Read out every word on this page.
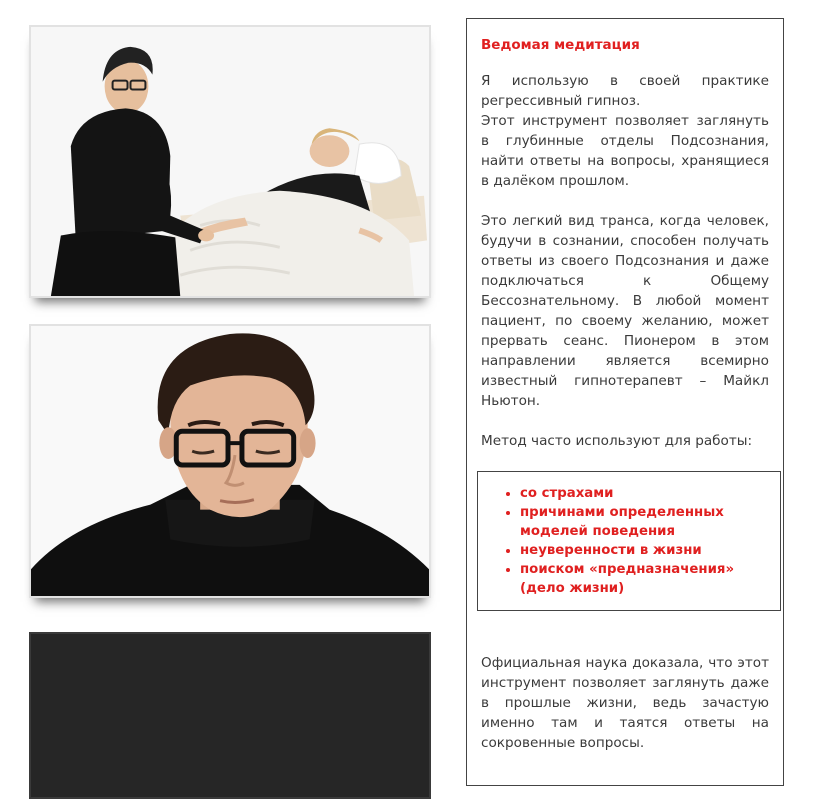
Ведомая медитация

Я использую в своей практике регрессивный гипноз.
Этот инструмент позволяет заглянуть в глубинные отделы Подсознания, найти ответы на вопросы, хранящиеся в далёком прошлом.

Это легкий вид транса, когда человек, будучи в сознании, способен получать ответы из своего Подсознания и даже подключаться к Общему Бессознательному. В любой момент пациент, по своему желанию, может прервать сеанс. Пионером в этом направлении является всемирно известный гипнотерапевт – Майкл Ньютон.

Метод часто используют для работы:

• со страхами
• причинами определенных моделей поведения
• неуверенности в жизни
• поиском «предназначения» (дело жизни)

Официальная наука доказала, что этот инструмент позволяет заглянуть даже в прошлые жизни, ведь зачастую именно там и таятся ответы на сокровенные вопросы.
